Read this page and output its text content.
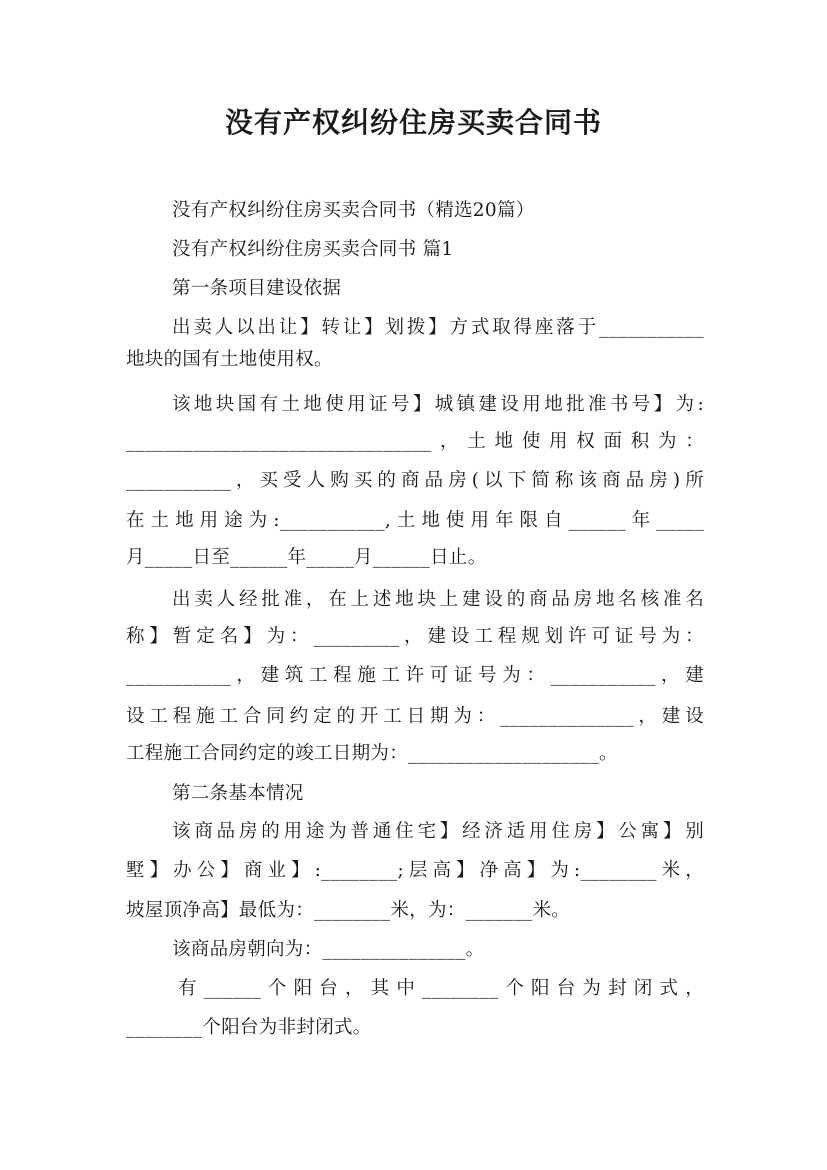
没有产权纠纷住房买卖合同书
没有产权纠纷住房买卖合同书（精选20篇）
没有产权纠纷住房买卖合同书 篇1
第一条项目建设依据
出卖人以出让】转让】划拨】方式取得座落于___________
地块的国有土地使用权。
该地块国有土地使用证号】城镇建设用地批准书号】为:
________________________________，土地使用权面积为：
___________，买受人购买的商品房(以下简称该商品房)所
在土地用途为:___________,土地使用年限自______年_____
月_____日至______年_____月______日止。
出卖人经批准，在上述地块上建设的商品房地名核准名
称】暂定名】为：_________，建设工程规划许可证号为：
___________，建筑工程施工许可证号为：___________，建
设工程施工合同约定的开工日期为：______________，建设
工程施工合同约定的竣工日期为：____________________。
第二条基本情况
该商品房的用途为普通住宅】经济适用住房】公寓】别
墅】办公】商业】:________;层高】净高】为:________米，
坡屋顶净高】最低为：________米，为：_______米。
该商品房朝向为：_______________。
有______个阳台，其中________个阳台为封闭式，
________个阳台为非封闭式。
